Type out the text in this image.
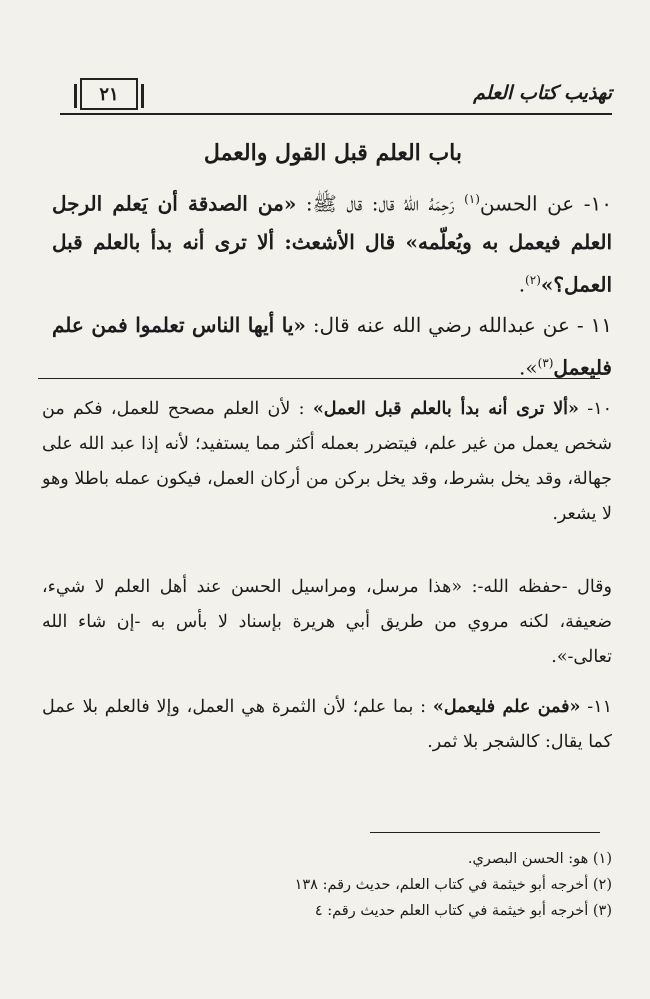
تهذيب كتاب العلم
٢١
باب العلم قبل القول والعمل
١٠- عن الحسن$^{(١)}$ رَحِمَهُ اللهُ قال: قال ﷺ: «من الصدقة أن يَعلم الرجل العلم فيعمل به ويُعلّمه» قال الأشعث: ألا ترى أنه بدأ بالعلم قبل العمل؟»$^{(٢)}$.
١١ - عن عبدالله رضي الله عنه قال: «يا أيها الناس تعلموا فمن علم فليعمل$^{(٣)}$».
١٠- «ألا ترى أنه بدأ بالعلم قبل العمل» : لأن العلم مصحح للعمل، فكم من شخص يعمل من غير علم، فيتضرر بعمله أكثر مما يستفيد؛ لأنه إذا عبد الله على جهالة، وقد يخل بشرط، وقد يخل بركن من أركان العمل، فيكون عمله باطلا وهو لا يشعر.
وقال -حفظه الله-: «هذا مرسل، ومراسيل الحسن عند أهل العلم لا شيء، ضعيفة، لكنه مروي من طريق أبي هريرة بإسناد لا بأس به -إن شاء الله تعالى-».
١١- «فمن علم فليعمل» : بما علم؛ لأن الثمرة هي العمل، وإلا فالعلم بلا عمل كما يقال: كالشجر بلا ثمر.
(١) هو: الحسن البصري.
(٢) أخرجه أبو خيثمة في كتاب العلم، حديث رقم: ١٣٨
(٣) أخرجه أبو خيثمة في كتاب العلم حديث رقم: ٤
